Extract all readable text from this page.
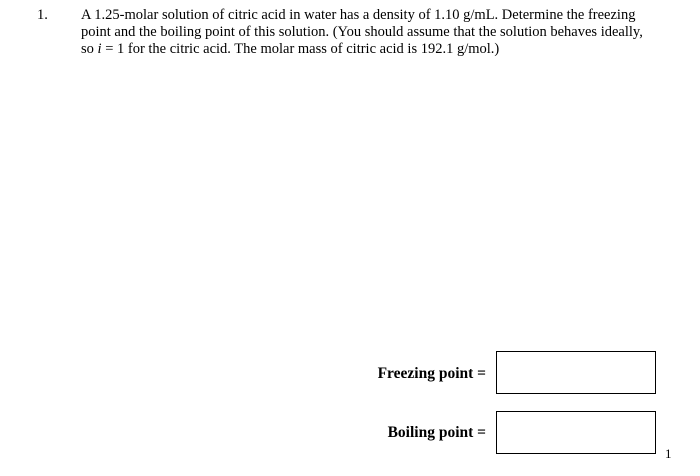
1. A 1.25-molar solution of citric acid in water has a density of 1.10 g/mL. Determine the freezing
point and the boiling point of this solution. (You should assume that the solution behaves ideally,
so i = 1 for the citric acid. The molar mass of citric acid is 192.1 g/mol.)
Freezing point =
Boiling point =
1
